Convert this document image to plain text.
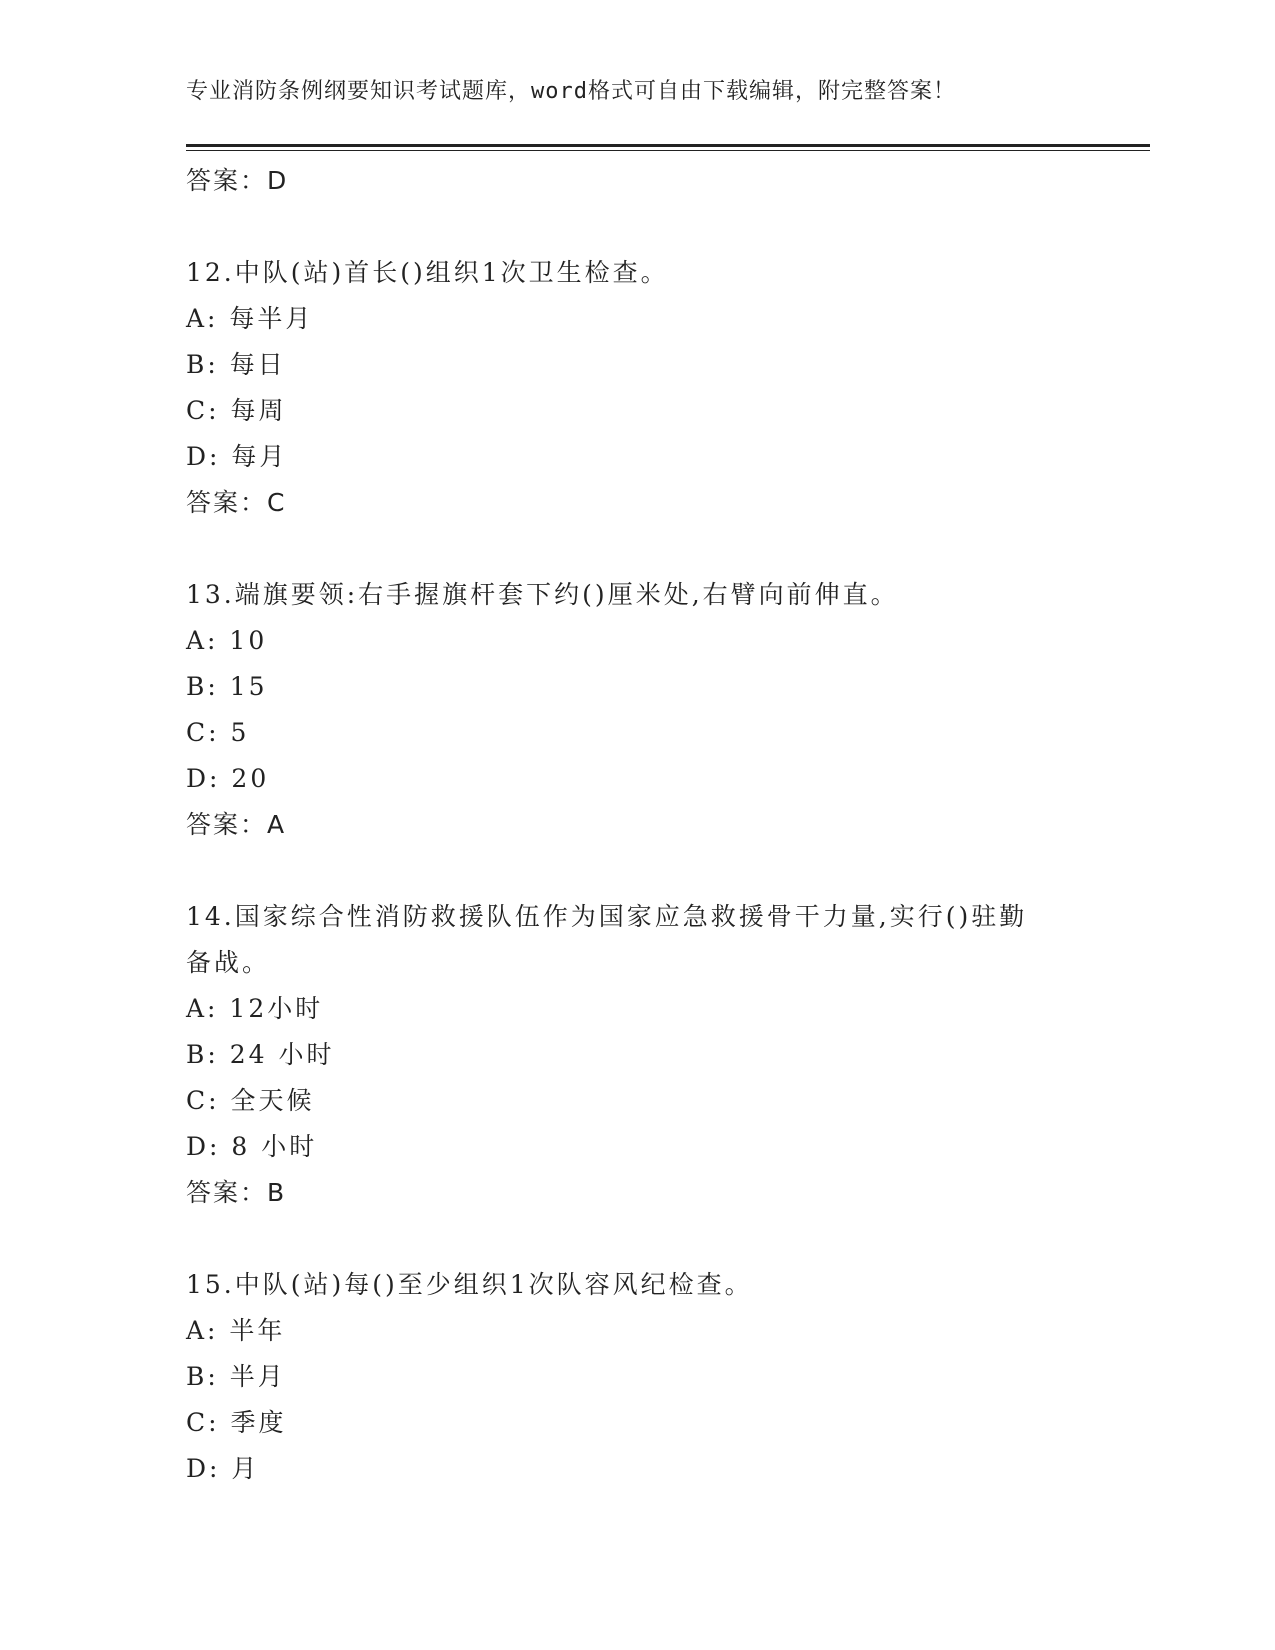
专业消防条例纲要知识考试题库，word格式可自由下载编辑，附完整答案！
答案：D
12.中队(站)首长()组织1次卫生检查。
A: 每半月
B: 每日
C: 每周
D: 每月
答案：C
13.端旗要领:右手握旗杆套下约()厘米处,右臂向前伸直。
A: 10
B: 15
C: 5
D: 20
答案：A
14.国家综合性消防救援队伍作为国家应急救援骨干力量,实行()驻勤
备战。
A: 12小时
B: 24 小时
C: 全天候
D: 8 小时
答案：B
15.中队(站)每()至少组织1次队容风纪检查。
A: 半年
B: 半月
C: 季度
D: 月
